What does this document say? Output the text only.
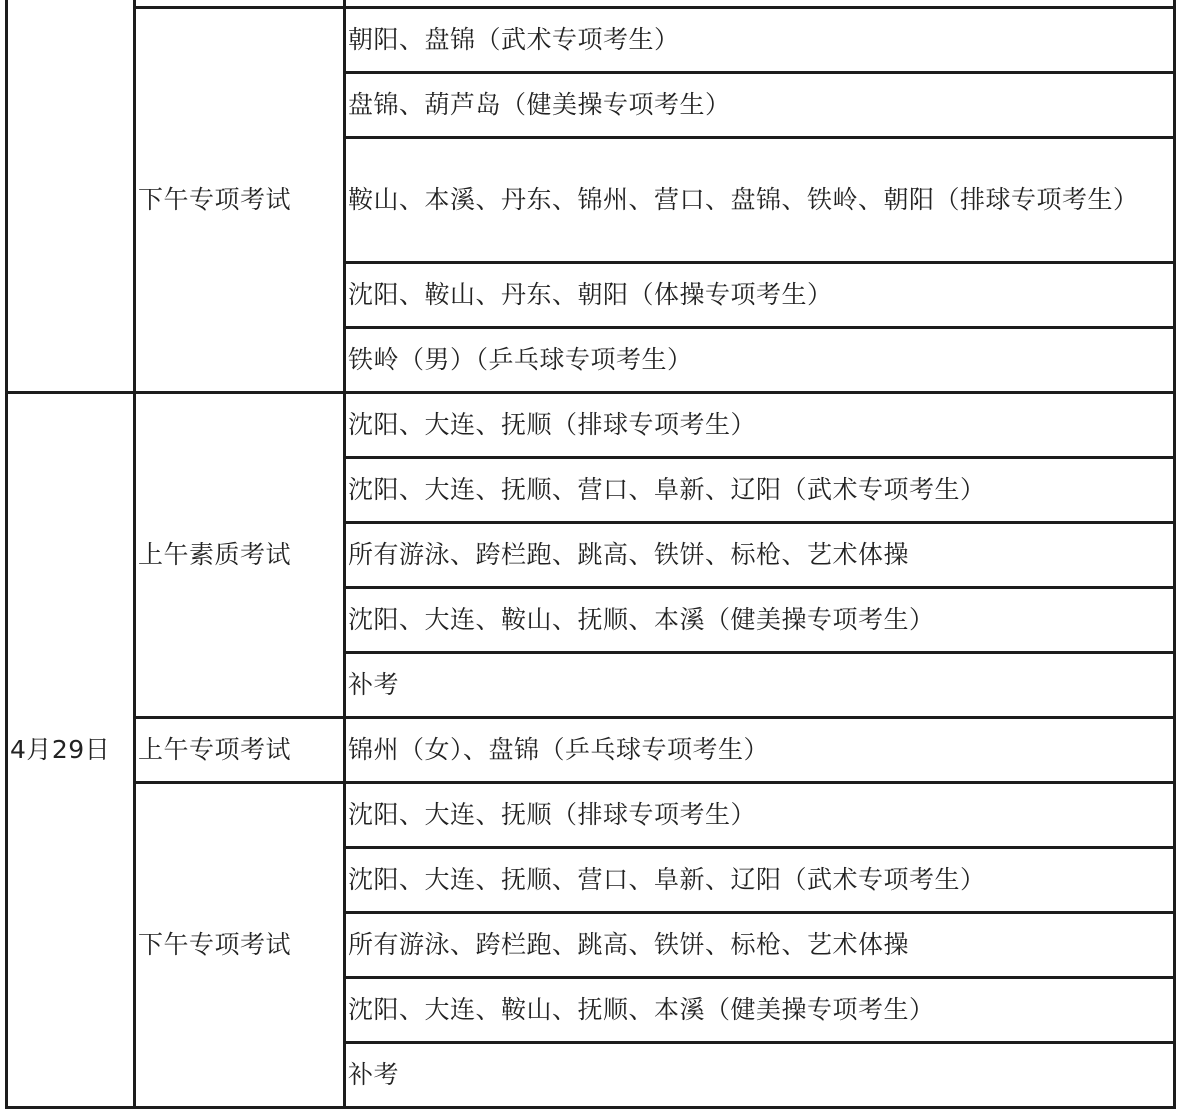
	下午专项考试	朝阳、盘锦（武术专项考生）
		盘锦、葫芦岛（健美操专项考生）
		鞍山、本溪、丹东、锦州、营口、盘锦、铁岭、朝阳（排球专项考生）
		沈阳、鞍山、丹东、朝阳（体操专项考生）
		铁岭（男）（乒乓球专项考生）

4月29日	上午素质考试	沈阳、大连、抚顺（排球专项考生）
		沈阳、大连、抚顺、营口、阜新、辽阳（武术专项考生）
		所有游泳、跨栏跑、跳高、铁饼、标枪、艺术体操
		沈阳、大连、鞍山、抚顺、本溪（健美操专项考生）
		补考
	上午专项考试	锦州（女）、盘锦（乒乓球专项考生）
	下午专项考试	沈阳、大连、抚顺（排球专项考生）
		沈阳、大连、抚顺、营口、阜新、辽阳（武术专项考生）
		所有游泳、跨栏跑、跳高、铁饼、标枪、艺术体操
		沈阳、大连、鞍山、抚顺、本溪（健美操专项考生）
		补考
